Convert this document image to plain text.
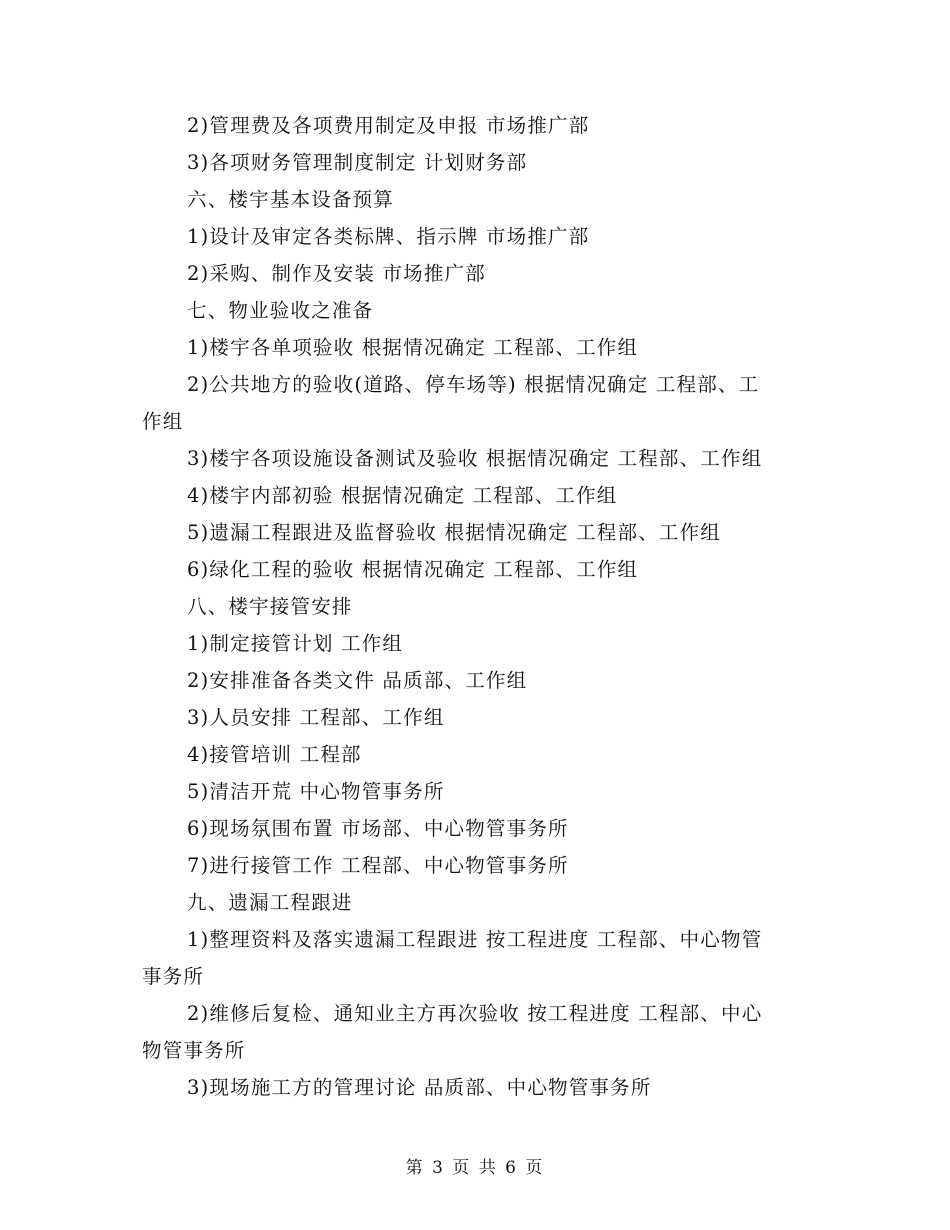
2)管理费及各项费用制定及申报 市场推广部
3)各项财务管理制度制定 计划财务部
六、楼宇基本设备预算
1)设计及审定各类标牌、指示牌 市场推广部
2)采购、制作及安装 市场推广部
七、物业验收之准备
1)楼宇各单项验收 根据情况确定 工程部、工作组
2)公共地方的验收(道路、停车场等) 根据情况确定 工程部、工
作组
3)楼宇各项设施设备测试及验收 根据情况确定 工程部、工作组
4)楼宇内部初验 根据情况确定 工程部、工作组
5)遗漏工程跟进及监督验收 根据情况确定 工程部、工作组
6)绿化工程的验收 根据情况确定 工程部、工作组
八、楼宇接管安排
1)制定接管计划 工作组
2)安排准备各类文件 品质部、工作组
3)人员安排 工程部、工作组
4)接管培训 工程部
5)清洁开荒 中心物管事务所
6)现场氛围布置 市场部、中心物管事务所
7)进行接管工作 工程部、中心物管事务所
九、遗漏工程跟进
1)整理资料及落实遗漏工程跟进 按工程进度 工程部、中心物管
事务所
2)维修后复检、通知业主方再次验收 按工程进度 工程部、中心
物管事务所
3)现场施工方的管理讨论 品质部、中心物管事务所
第 3 页 共 6 页
